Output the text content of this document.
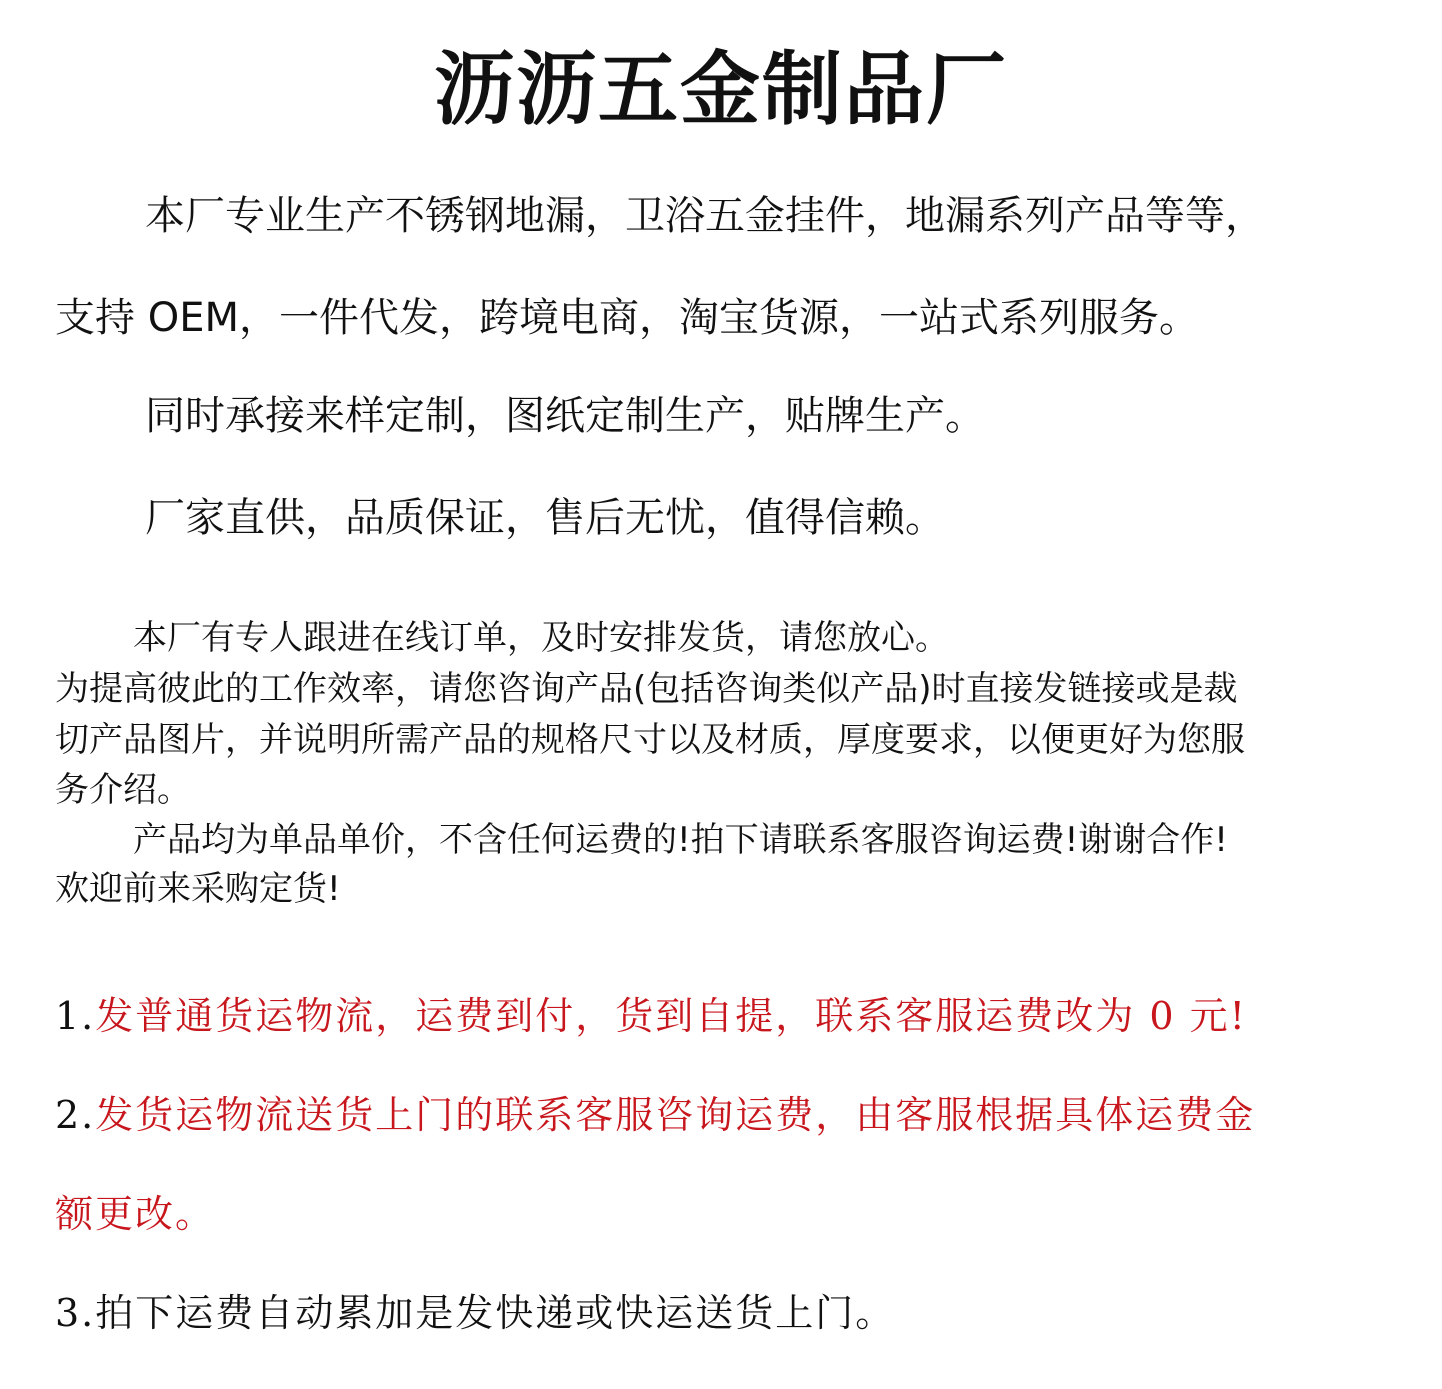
沥沥五金制品厂

本厂专业生产不锈钢地漏，卫浴五金挂件，地漏系列产品等等，

支持 OEM，一件代发，跨境电商，淘宝货源，一站式系列服务。

同时承接来样定制，图纸定制生产，贴牌生产。

厂家直供，品质保证，售后无忧，值得信赖。

本厂有专人跟进在线订单，及时安排发货，请您放心。

为提高彼此的工作效率，请您咨询产品(包括咨询类似产品)时直接发链接或是裁

切产品图片，并说明所需产品的规格尺寸以及材质，厚度要求，以便更好为您服

务介绍。

产品均为单品单价，不含任何运费的!拍下请联系客服咨询运费!谢谢合作!

欢迎前来采购定货!

1.发普通货运物流，运费到付，货到自提，联系客服运费改为 0 元!

2.发货运物流送货上门的联系客服咨询运费，由客服根据具体运费金

额更改。

3.拍下运费自动累加是发快递或快运送货上门。
